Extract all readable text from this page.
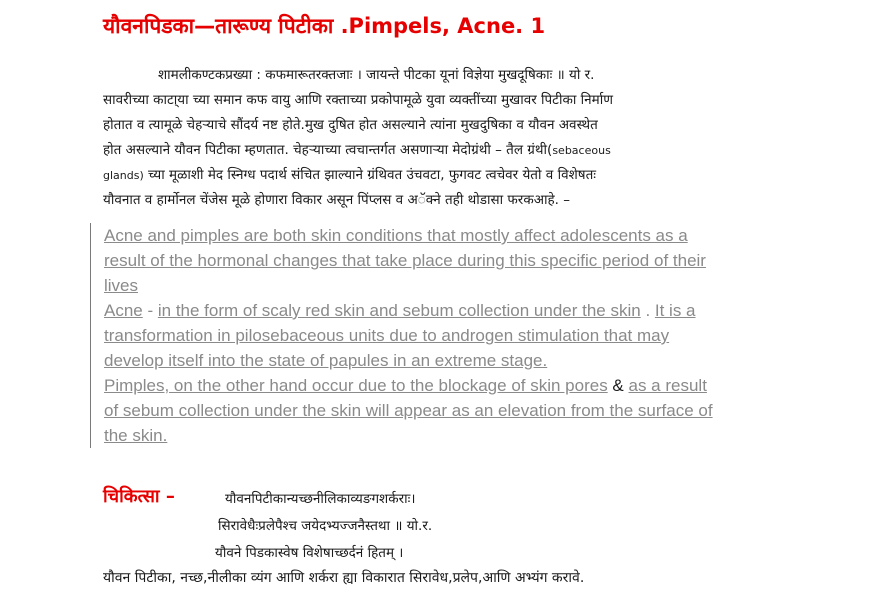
यौवनपिडका—तारूण्य पिटीका .Pimpels, Acne. 1
शामलीकण्टकप्रख्या : कफमारूतरक्तजाः । जायन्ते पीटका यूनां विज्ञेया मुखदूषिकाः ॥ यो र.
सावरीच्या काटा्या च्या समान कफ वायु आणि रक्ताच्या प्रकोपामूळे युवा व्यक्तींच्या मुखावर पिटीका निर्माण
होतात व त्यामूळे चेहऱ्याचे सौंदर्य नष्ट होते.मुख दुषित होत असल्याने त्यांना मुखदुषिका व यौवन अवस्थेत
होत असल्याने यौवन पिटीका म्हणतात. चेहऱ्याच्या त्वचान्तर्गत असणाऱ्या मेदोग्रंथी – तैल ग्रंथी(sebaceous
glands) च्या मूळाशी मेद स्निग्ध पदार्थ संचित झाल्याने ग्रंथिवत उंचवटा, फुगवट त्वचेवर येतो व विशेषतः
यौवनात व हार्मोनल चेंजेस मूळे होणारा विकार असून पिंप्लस व अॅक्ने तही थोडासा फरकआहे. –
Acne and pimples are both skin conditions that mostly affect adolescents as a
result of the hormonal changes that take place during this specific period of their
lives
Acne - in the form of scaly red skin and sebum collection under the skin . It is a
transformation in pilosebaceous units due to androgen stimulation that may
develop itself into the state of papules in an extreme stage.
Pimples, on the other hand occur due to the blockage of skin pores & as a result
of sebum collection under the skin will appear as an elevation from the surface of
the skin.
चिकित्सा –	यौवनपिटीकान्यच्छनीलिकाव्यङगशर्कराः।
सिरावेधैःप्रलेपैश्च जयेदभ्यज्जनैस्तथा ॥ यो.र.
यौवने पिडकास्वेष विशेषाच्छर्दनं हितम् ।
यौवन पिटीका, नच्छ,नीलीका व्यंग आणि शर्करा ह्या विकारात सिरावेध,प्रलेप,आणि अभ्यंग करावे.
